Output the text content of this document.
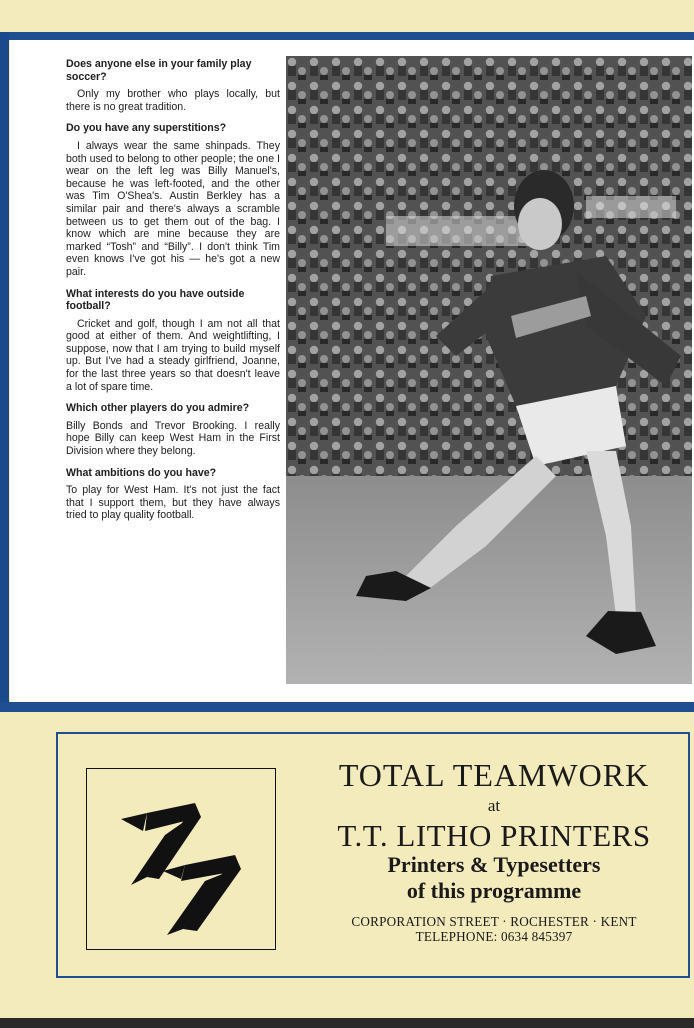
Does anyone else in your family play soccer?

Only my brother who plays locally, but there is no great tradition.

Do you have any superstitions?

I always wear the same shinpads. They both used to belong to other people; the one I wear on the left leg was Billy Manuel's, because he was left-footed, and the other was Tim O'Shea's. Austin Berkley has a similar pair and there's always a scramble between us to get them out of the bag. I know which are mine because they are marked “Tosh” and “Billy”. I don't think Tim even knows I've got his — he's got a new pair.

What interests do you have outside football?

Cricket and golf, though I am not all that good at either of them. And weightlifting, I suppose, now that I am trying to build myself up. But I've had a steady girlfriend, Joanne, for the last three years so that doesn't leave a lot of spare time.

Which other players do you admire?

Billy Bonds and Trevor Brooking. I really hope Billy can keep West Ham in the First Division where they belong.

What ambitions do you have?

To play for West Ham. It's not just the fact that I support them, but they have always tried to play quality football.

TOTAL TEAMWORK
at
T.T. LITHO PRINTERS
Printers & Typesetters
of this programme
CORPORATION STREET · ROCHESTER · KENT
TELEPHONE: 0634 845397
